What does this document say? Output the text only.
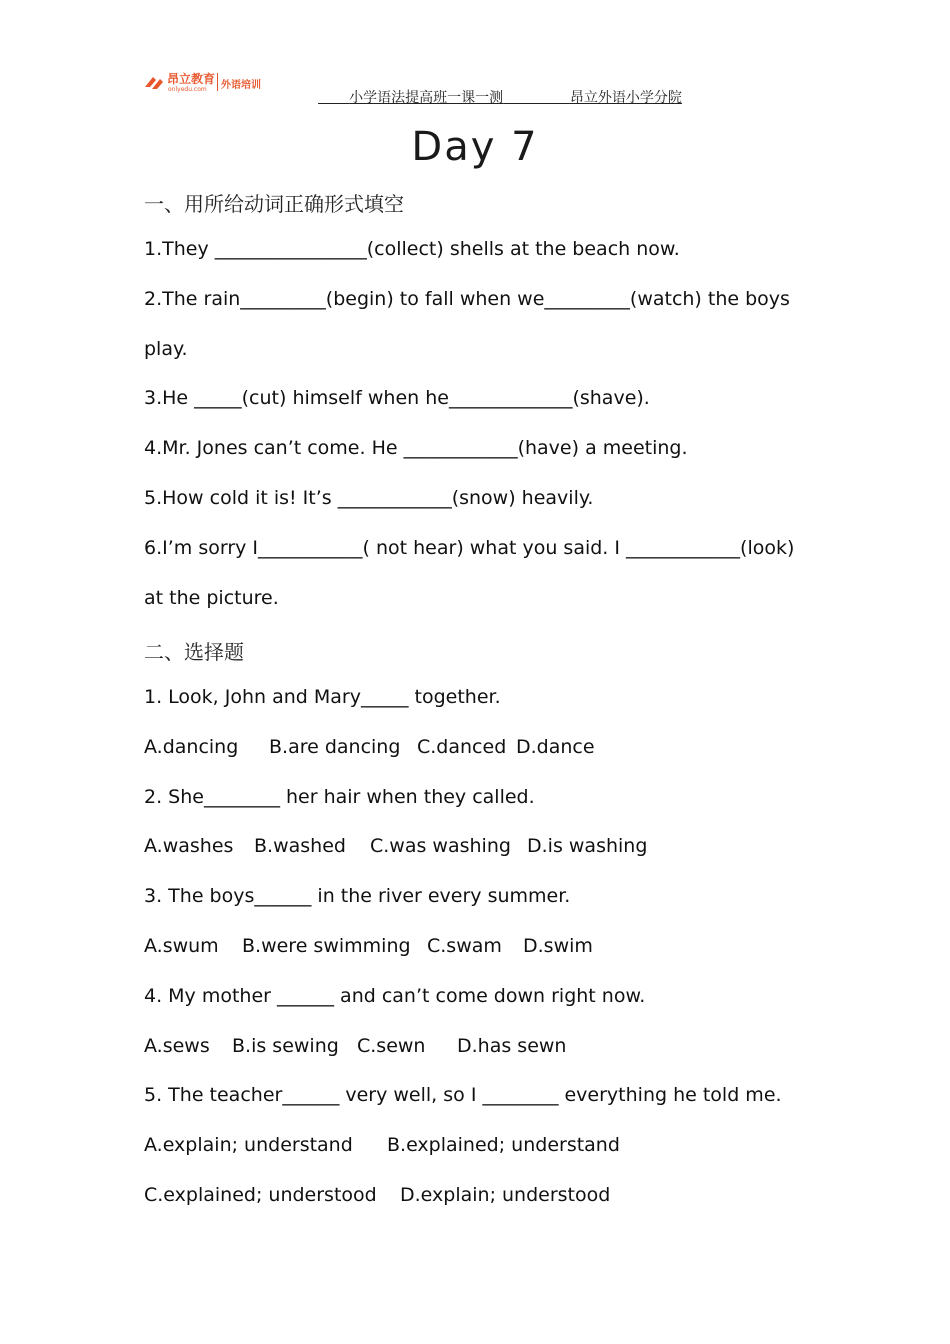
昂立教育

onlyedu.com

外语培训

小学语法提高班一课一测	昂立外语小学分院
Day 7
一、用所给动词正确形式填空
1.They ________________(collect) shells at the beach now.
2.The rain_________(begin) to fall when we_________(watch) the boys
play.
3.He _____(cut) himself when he_____________(shave).
4.Mr. Jones can’t come. He ____________(have) a meeting.
5.How cold it is! It’s ____________(snow) heavily.
6.I’m sorry I___________( not hear) what you said. I ____________(look)
at the picture.
二、选择题
1. Look, John and Mary_____ together.
A.dancing B.are dancing C.danced D.dance
2. She________ her hair when they called.
A.washes B.washed C.was washing D.is washing
3. The boys______ in the river every summer.
A.swum B.were swimming C.swam D.swim
4. My mother ______ and can’t come down right now.
A.sews B.is sewing C.sewn D.has sewn
5. The teacher______ very well, so I ________ everything he told me.
A.explain; understand B.explained; understand
C.explained; understood D.explain; understood
